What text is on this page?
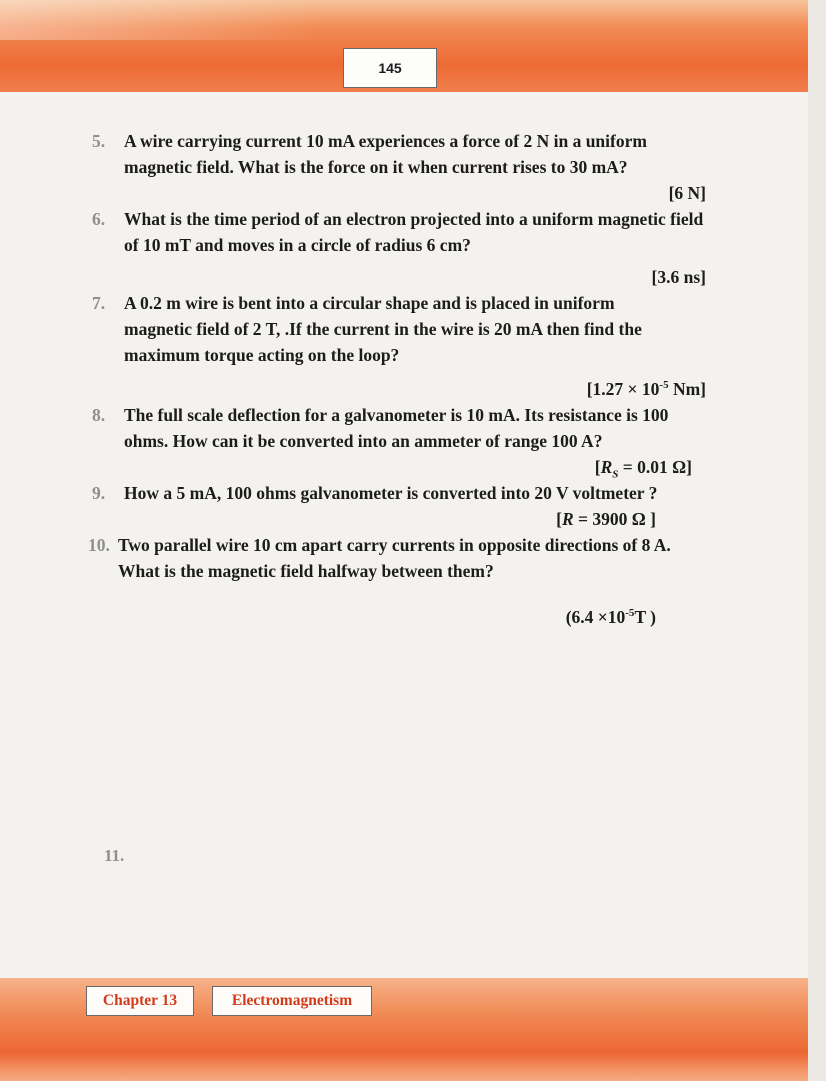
145
5. A wire carrying current 10 mA experiences a force of 2 N in a uniform magnetic field. What is the force on it when current rises to 30 mA?
[6 N]
6. What is the time period of an electron projected into a uniform magnetic field of 10 mT and moves in a circle of radius 6 cm?
[3.6 ns]
7. A 0.2 m wire is bent into a circular shape and is placed in uniform magnetic field of 2 T, .If the current in the wire is 20 mA then find the maximum torque acting on the loop?
[$1.27 \times 10^{-5}$ Nm]
8. The full scale deflection for a galvanometer is 10 mA. Its resistance is 100 ohms. How can it be converted into an ammeter of range 100 A?
[$R_S = 0.01$ Ω]
9. How a 5 mA, 100 ohms galvanometer is converted into 20 V voltmeter ?
[R = 3900 Ω ]
10. Two parallel wire 10 cm apart carry currents in opposite directions of 8 A. What is the magnetic field halfway between them?
($6.4 \times 10^{-5}T$ )
11.
Chapter 13	Electromagnetism
